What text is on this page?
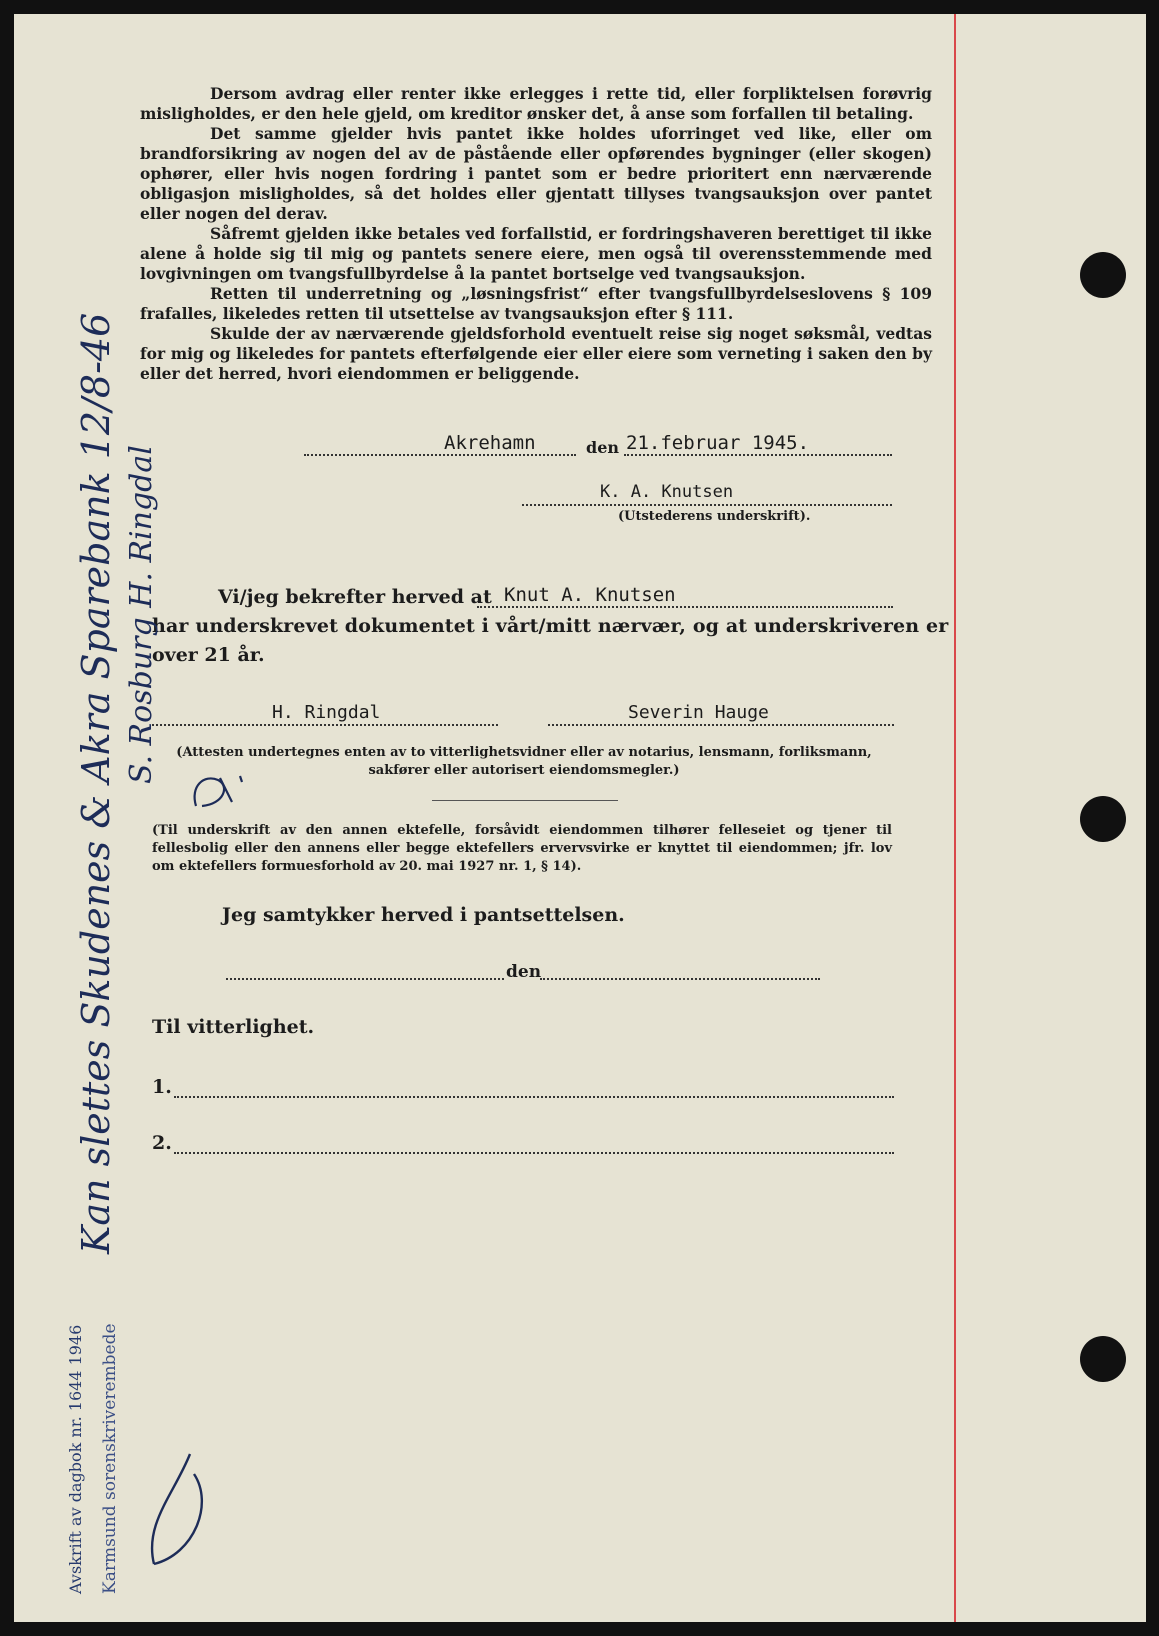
Dersom avdrag eller renter ikke erlegges i rette tid, eller forpliktelsen forøvrig misligholdes, er den hele gjeld, om kreditor ønsker det, å anse som forfallen til betaling.

Det samme gjelder hvis pantet ikke holdes uforringet ved like, eller om brandforsikring av nogen del av de påstående eller opførendes bygninger (eller skogen) ophører, eller hvis nogen fordring i pantet som er bedre prioritert enn nærværende obligasjon misligholdes, så det holdes eller gjentatt tillyses tvangsauksjon over pantet eller nogen del derav.

Såfremt gjelden ikke betales ved forfallstid, er fordringshaveren berettiget til ikke alene å holde sig til mig og pantets senere eiere, men også til overensstemmende med lovgivningen om tvangsfullbyrdelse å la pantet bortselge ved tvangsauksjon.

Retten til underretning og „løsningsfrist“ efter tvangsfullbyrdelseslovens § 109 frafalles, likeledes retten til utsettelse av tvangsauksjon efter § 111.

Skulde der av nærværende gjeldsforhold eventuelt reise sig noget søksmål, vedtas for mig og likeledes for pantets efterfølgende eier eller eiere som verneting i saken den by eller det herred, hvori eiendommen er beliggende.

Akrehamn	den 21.februar 1945.
K. A. Knutsen
(Utstederens underskrift).
Vi/jeg bekrefter herved at Knut A. Knutsen
har underskrevet dokumentet i vårt/mitt nærvær, og at underskriveren er
over 21 år.
H. Ringdal	Severin Hauge
(Attesten undertegnes enten av to vitterlighetsvidner eller av notarius, lensmann, forliksmann, sakfører eller autorisert eiendomsmegler.)
(Til underskrift av den annen ektefelle, forsåvidt eiendommen tilhører felleseiet og tjener til fellesbolig eller den annens eller begge ektefellers ervervsvirke er knyttet til eiendommen; jfr. lov om ektefellers formuesforhold av 20. mai 1927 nr. 1, § 14).
Jeg samtykker herved i pantsettelsen.
den
Til vitterlighet.
1.
2.
Kan slettes Skudenes & Akra Sparebank 12/8-46 S. Rosburg H. Ringdal
Avskrift av dagbok nr. 1644 1946 Karmsund sorenskriverembede
